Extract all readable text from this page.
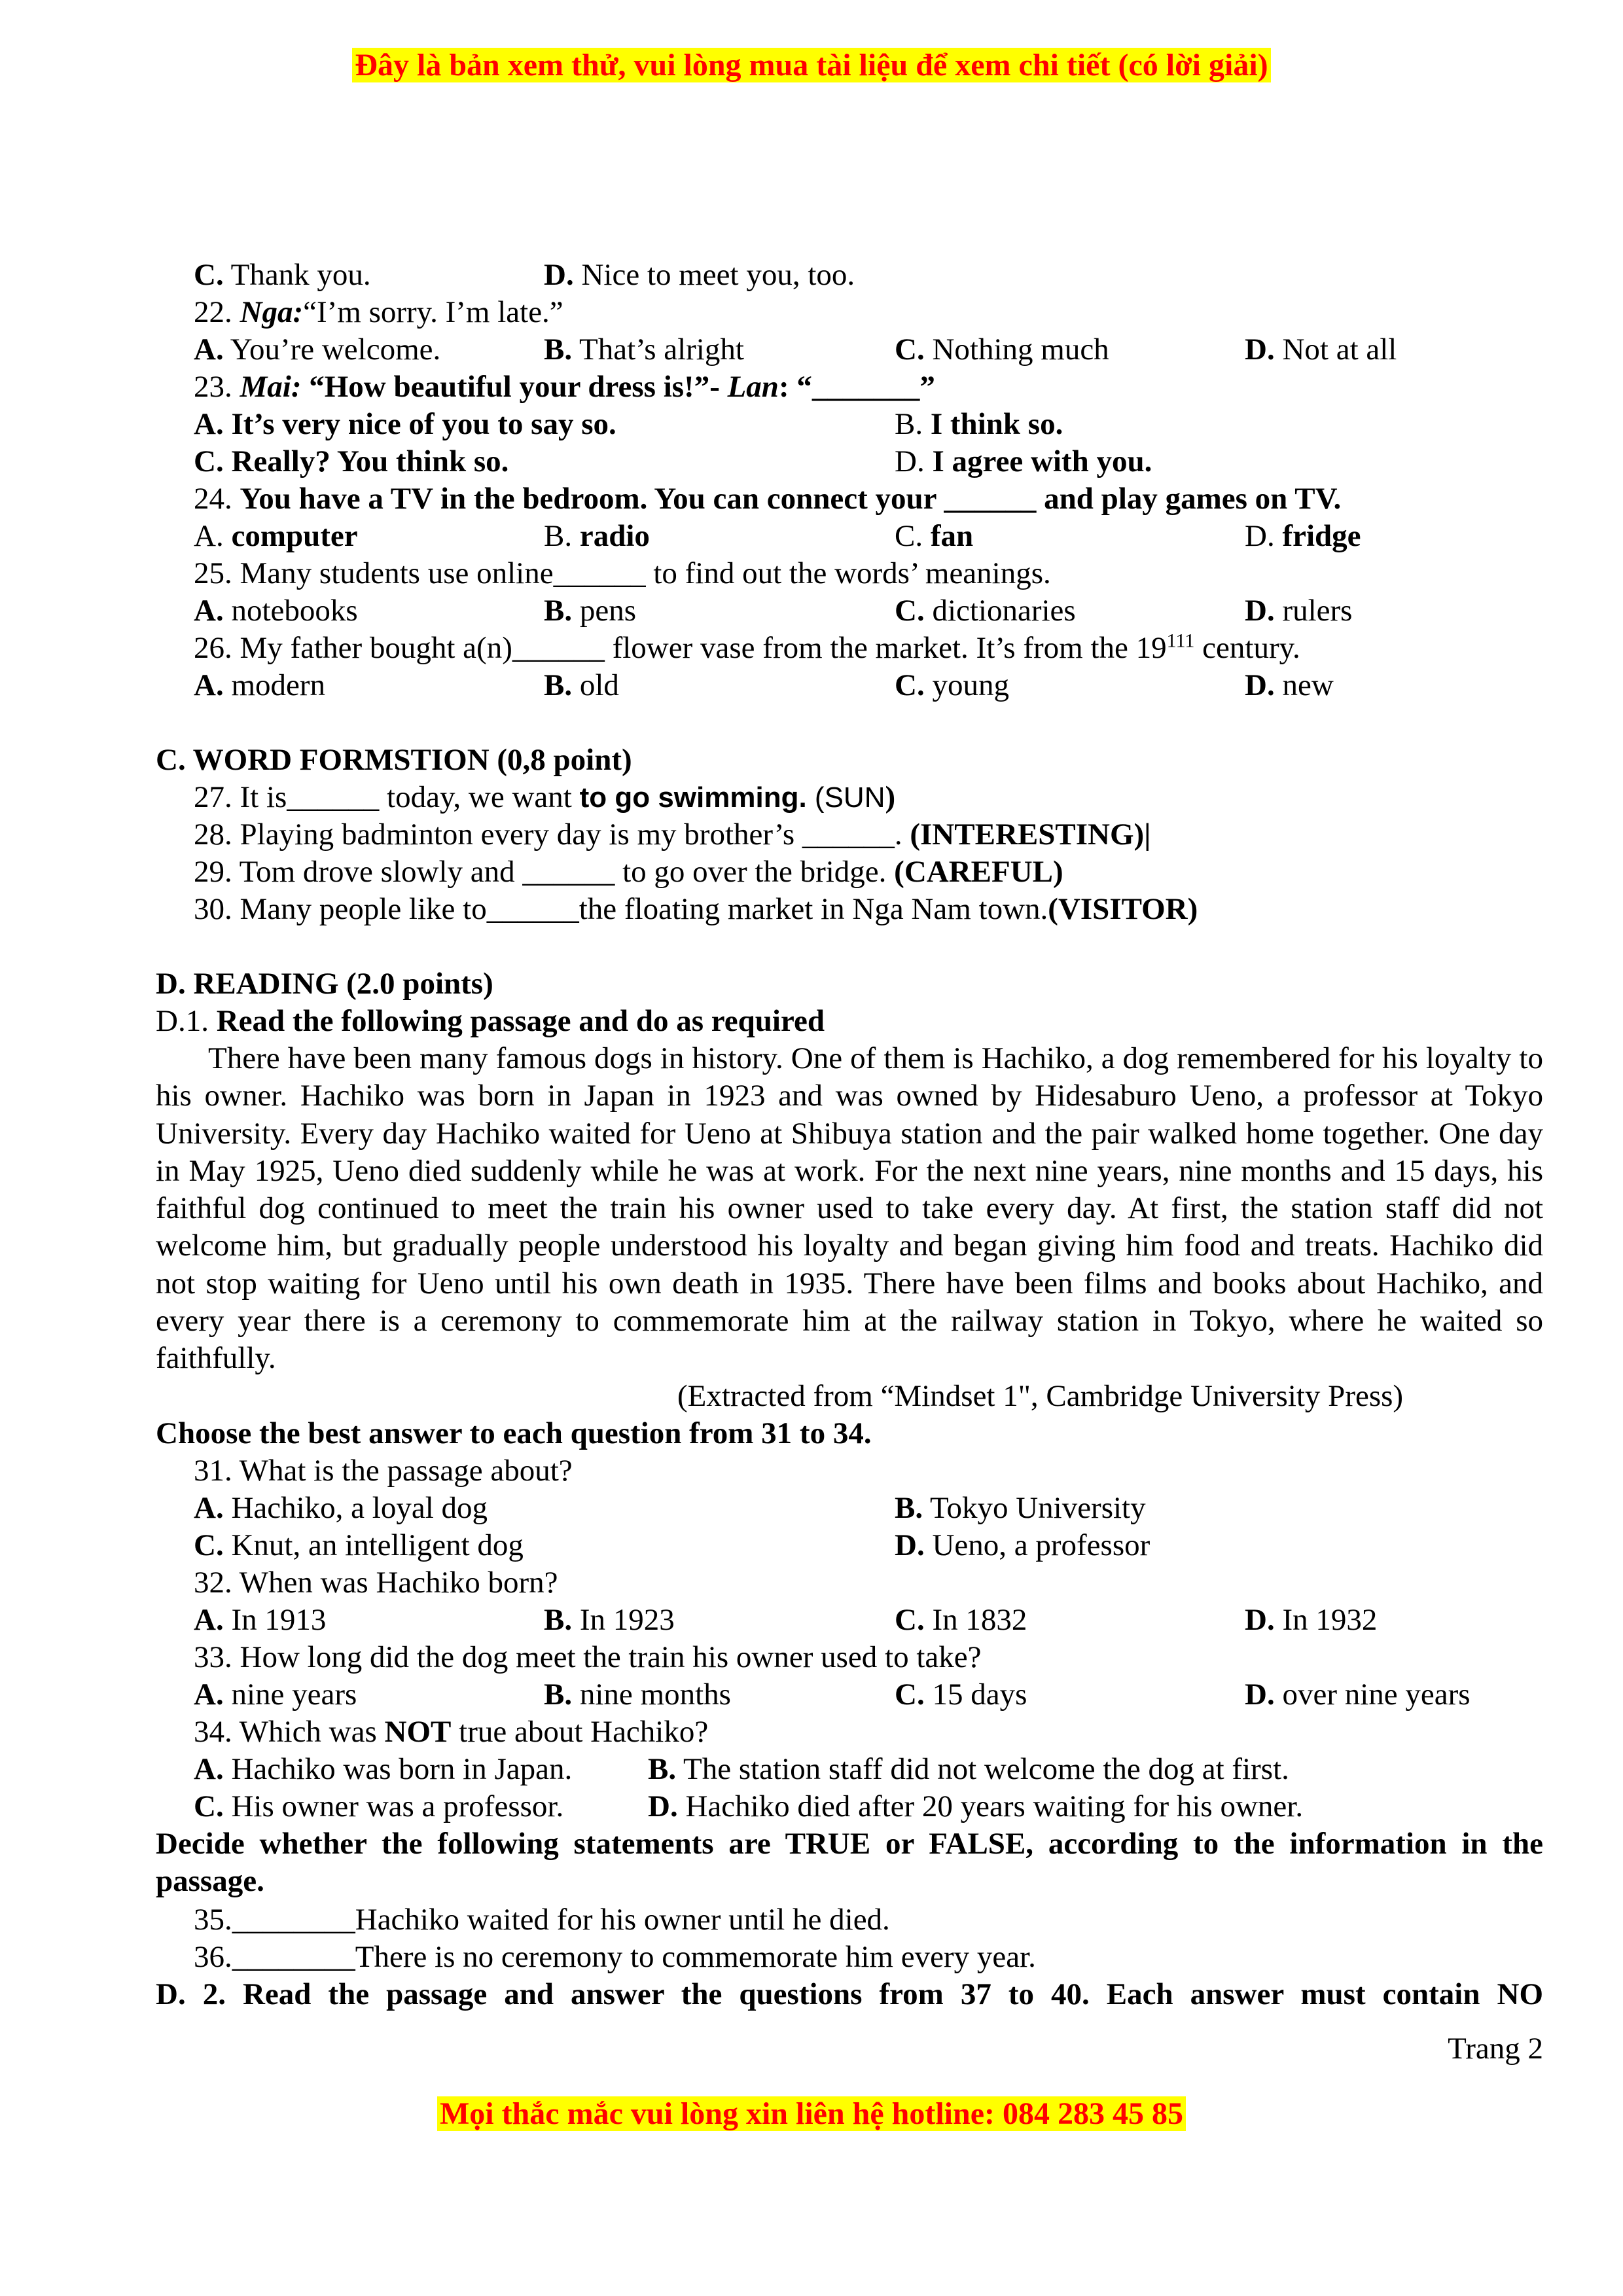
Đây là bản xem thử, vui lòng mua tài liệu để xem chi tiết (có lời giải)
C. Thank you.	D. Nice to meet you, too.
22. Nga:“I’m sorry. I’m late.”
A. You’re welcome.	B. That’s alright	C. Nothing much	D. Not at all
23. Mai: “How beautiful your dress is!”- Lan: “_______”
A. It’s very nice of you to say so.	B. I think so.
C. Really? You think so.	D. I agree with you.
24. You have a TV in the bedroom. You can connect your ______ and play games on TV.
A. computer	B. radio	C. fan	D. fridge
25. Many students use online______ to find out the words’ meanings.
A. notebooks	B. pens	C. dictionaries	D. rulers
26. My father bought a(n)______ flower vase from the market. It’s from the $19^{111}$ century.
A. modern	B. old	C. young	D. new
C. WORD FORMSTION (0,8 point)
27. It is______ today, we want to go swimming. (SUN)
28. Playing badminton every day is my brother’s ______. (INTERESTING)|
29. Tom drove slowly and ______ to go over the bridge. (CAREFUL)
30. Many people like to______the floating market in Nga Nam town.(VISITOR)
D. READING (2.0 points)
D.1. Read the following passage and do as required
There have been many famous dogs in history. One of them is Hachiko, a dog remembered for his loyalty to his owner. Hachiko was born in Japan in 1923 and was owned by Hidesaburo Ueno, a professor at Tokyo University. Every day Hachiko waited for Ueno at Shibuya station and the pair walked home together. One day in May 1925, Ueno died suddenly while he was at work. For the next nine years, nine months and 15 days, his faithful dog continued to meet the train his owner used to take every day. At first, the station staff did not welcome him, but gradually people understood his loyalty and began giving him food and treats. Hachiko did not stop waiting for Ueno until his own death in 1935. There have been films and books about Hachiko, and every year there is a ceremony to commemorate him at the railway station in Tokyo, where he waited so faithfully.
(Extracted from “Mindset 1", Cambridge University Press)
Choose the best answer to each question from 31 to 34.
31. What is the passage about?
A. Hachiko, a loyal dog	B. Tokyo University
C. Knut, an intelligent dog	D. Ueno, a professor
32. When was Hachiko born?
A. In 1913	B. In 1923	C. In 1832	D. In 1932
33. How long did the dog meet the train his owner used to take?
A. nine years	B. nine months	C. 15 days	D. over nine years
34. Which was NOT true about Hachiko?
A. Hachiko was born in Japan. B. The station staff did not welcome the dog at first.
C. His owner was a professor.	D. Hachiko died after 20 years waiting for his owner.
Decide whether the following statements are TRUE or FALSE, according to the information in the passage.
35.________Hachiko waited for his owner until he died.
36.________There is no ceremony to commemorate him every year.
D. 2. Read the passage and answer the questions from 37 to 40. Each answer must contain NO
Trang 2
Mọi thắc mắc vui lòng xin liên hệ hotline: 084 283 45 85
